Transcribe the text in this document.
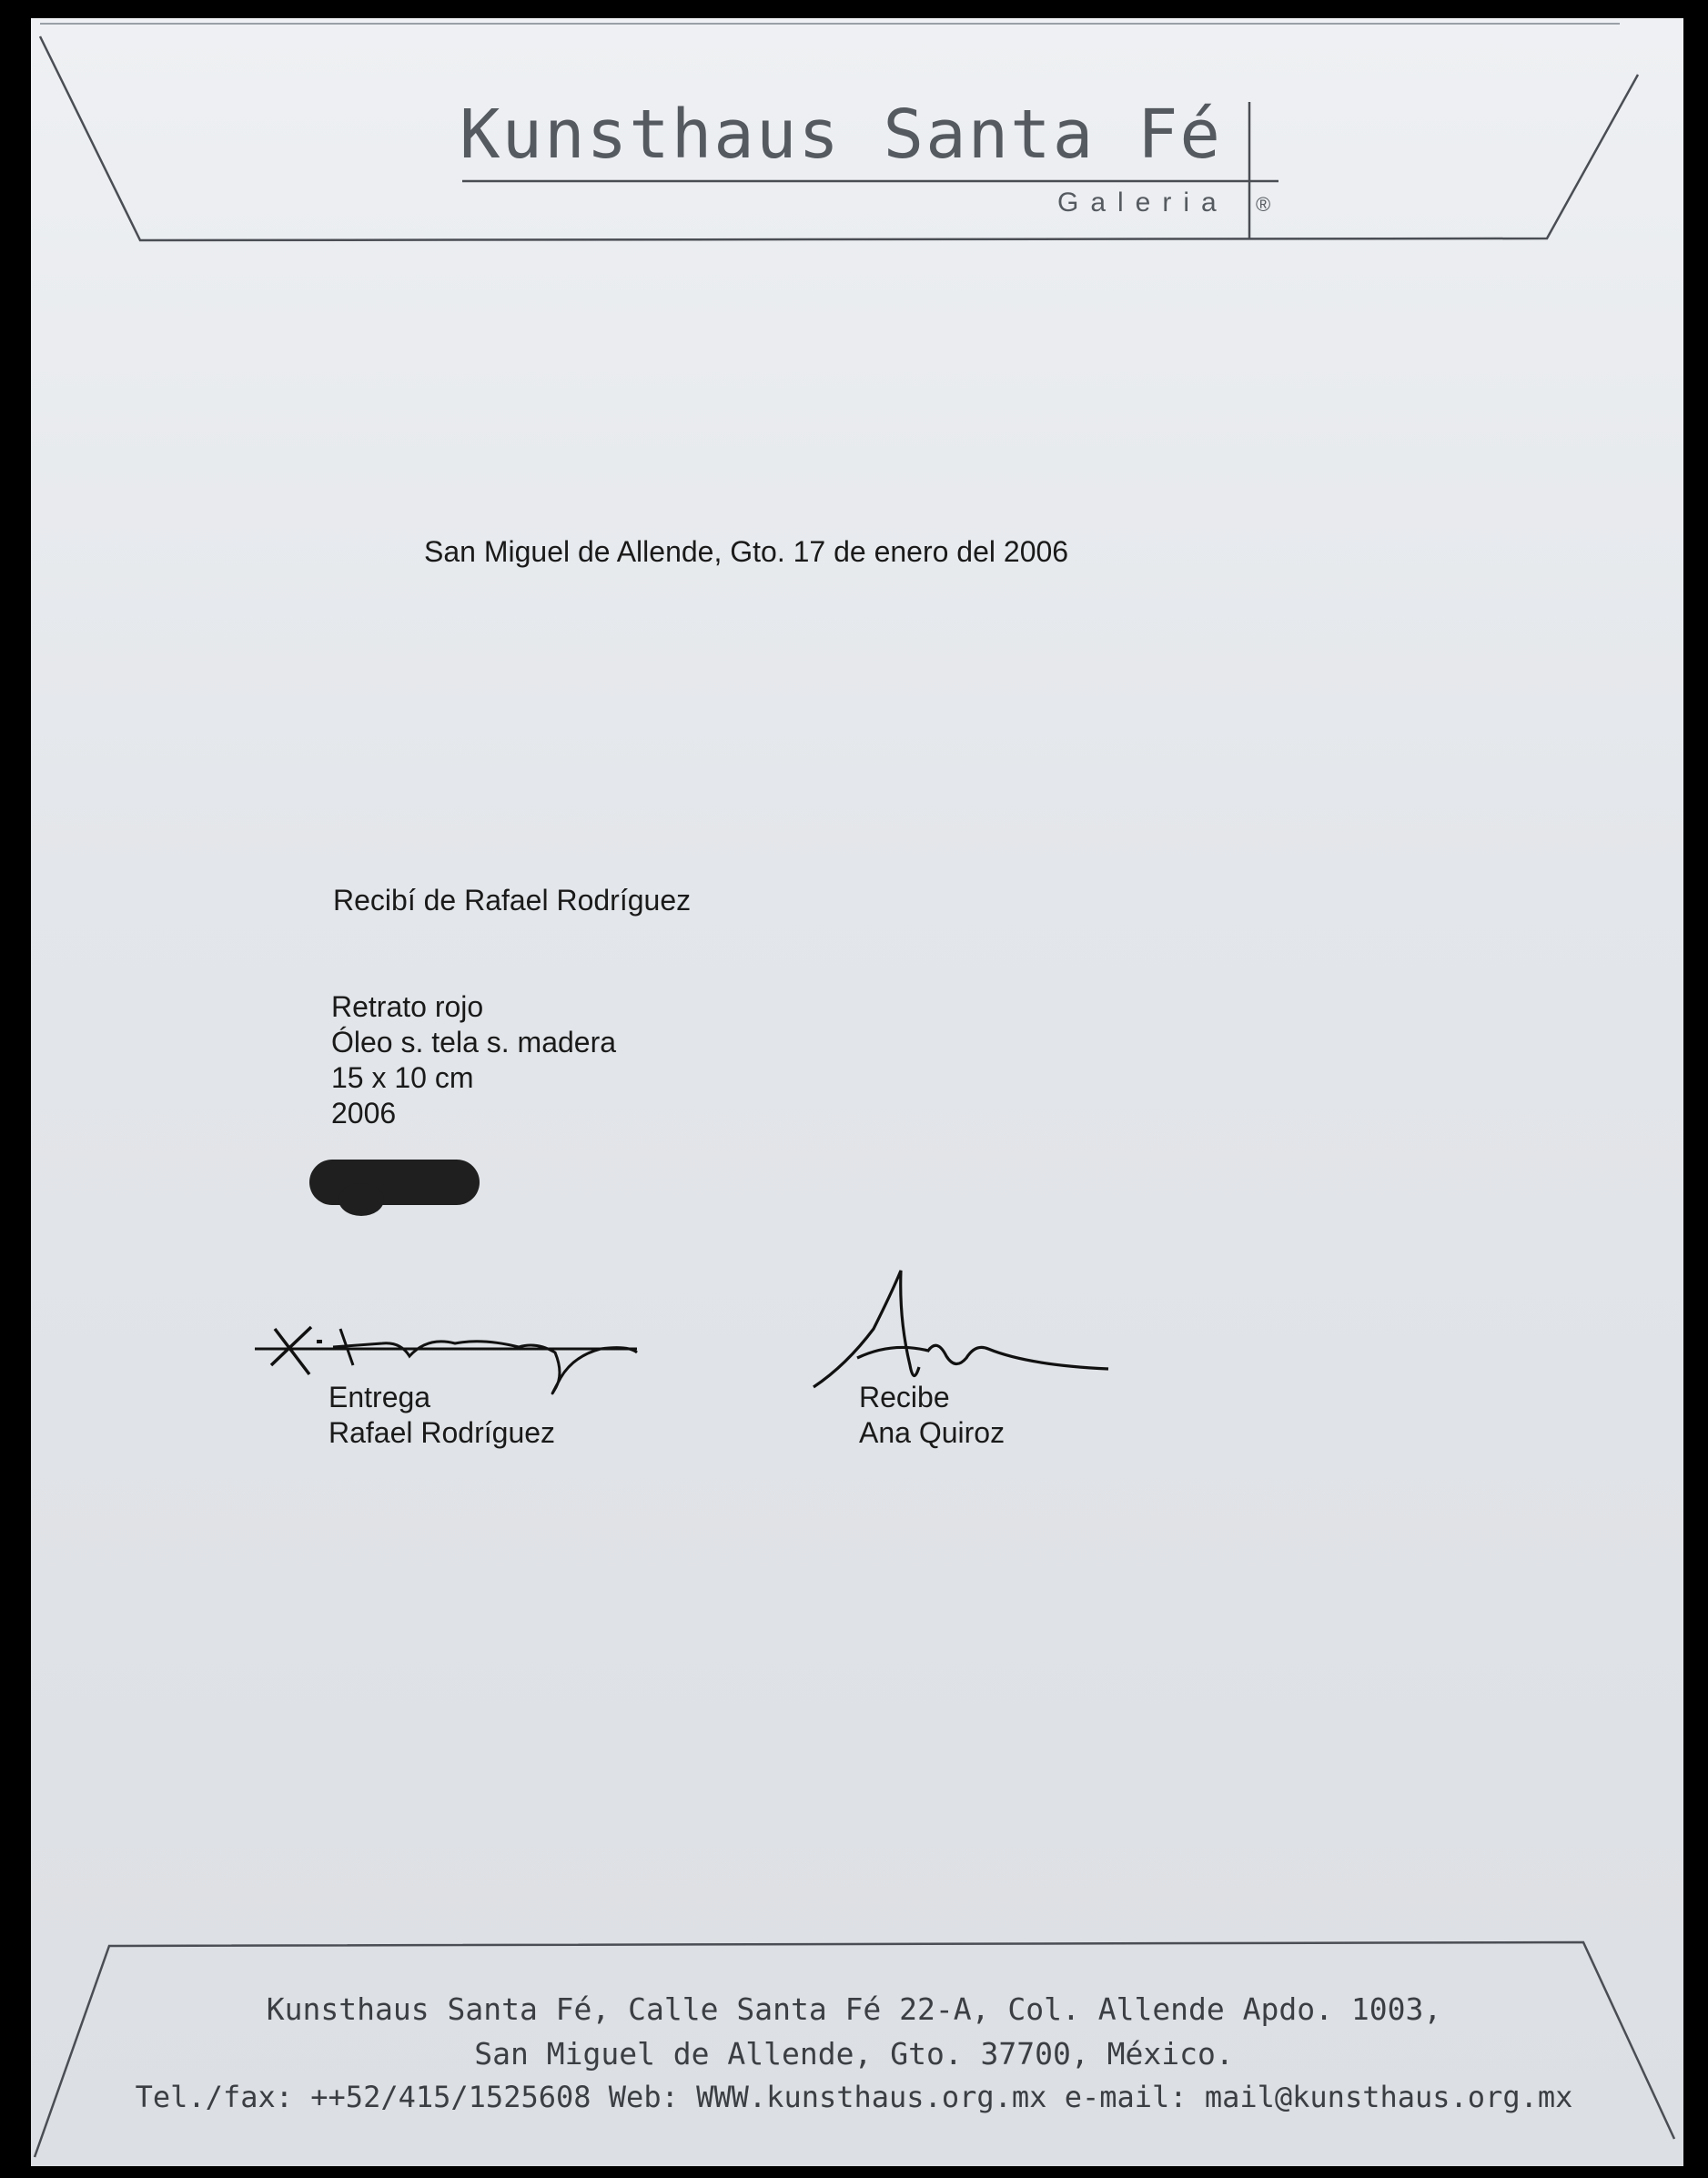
Kunsthaus Santa Fé
Galeria ®
San Miguel de Allende, Gto. 17 de enero del 2006
Recibí de Rafael Rodríguez
Retrato rojo
Óleo s. tela s. madera
15 x 10 cm
2006
Entrega
Rafael Rodríguez
Recibe
Ana Quiroz
Kunsthaus Santa Fé, Calle Santa Fé 22-A, Col. Allende Apdo. 1003,
San Miguel de Allende, Gto. 37700, México.
Tel./fax: ++52/415/1525608 Web: WWW.kunsthaus.org.mx e-mail: mail@kunsthaus.org.mx
